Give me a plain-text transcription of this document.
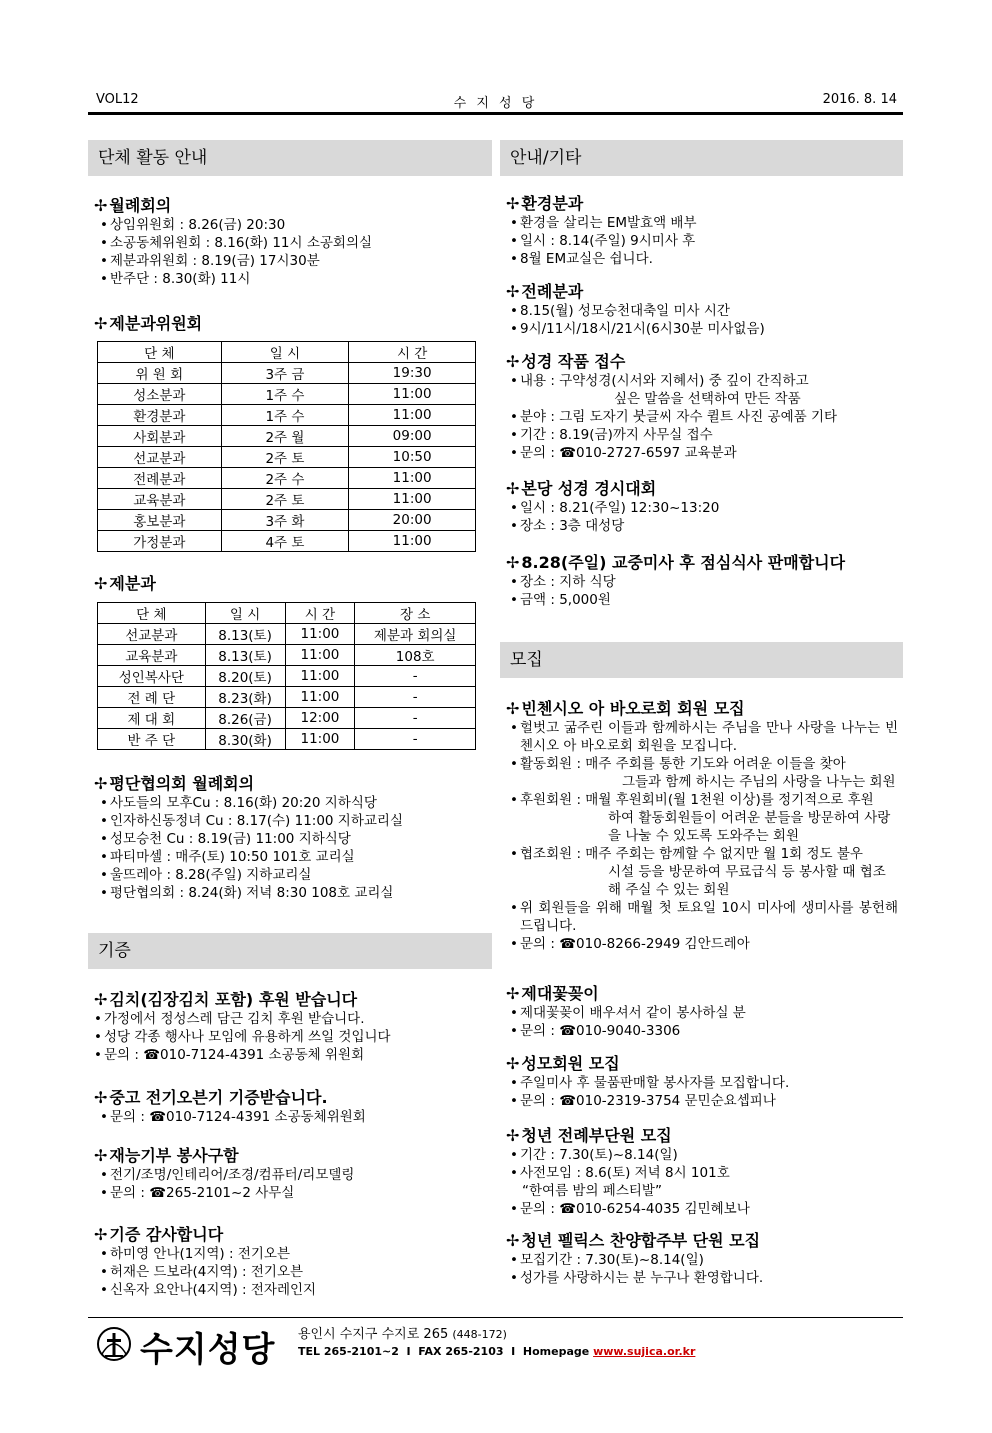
VOL12	수 지 성 당	2016. 8. 14
단체 활동 안내

✢ 월례회의

• 상임위원회 : 8.26(금) 20:30

• 소공동체위원회 : 8.16(화) 11시 소공회의실

• 제분과위원회 : 8.19(금) 17시30분

• 반주단 : 8.30(화) 11시

✢ 제분과위원회

단 체	일 시	시 간
위 원 회	3주 금	19:30
성소분과	1주 수	11:00
환경분과	1주 수	11:00
사회분과	2주 월	09:00
선교분과	2주 토	10:50
전례분과	2주 수	11:00
교육분과	2주 토	11:00
홍보분과	3주 화	20:00
가정분과	4주 토	11:00

✢ 제분과

단 체	일 시	시 간	장 소
선교분과	8.13(토)	11:00	제분과 회의실
교육분과	8.13(토)	11:00	108호
성인복사단	8.20(토)	11:00	-
전 례 단	8.23(화)	11:00	-
제 대 회	8.26(금)	12:00	-
반 주 단	8.30(화)	11:00	-

✢ 평단협의회 월례회의

• 사도들의 모후Cu : 8.16(화) 20:20 지하식당

• 인자하신동정녀 Cu : 8.17(수) 11:00 지하교리실

• 성모승천 Cu : 8.19(금) 11:00 지하식당

• 파티마셀 : 매주(토) 10:50 101호 교리실

• 울뜨레아 : 8.28(주일) 지하교리실

• 평단협의회 : 8.24(화) 저녁 8:30 108호 교리실

기증

✢ 김치(김장김치 포함) 후원 받습니다

• 가정에서 정성스레 담근 김치 후원 받습니다.

• 성당 각종 행사나 모임에 유용하게 쓰일 것입니다

• 문의 : ☎010-7124-4391 소공동체 위원회

✢ 중고 전기오븐기 기증받습니다.

• 문의 : ☎010-7124-4391 소공동체위원회

✢ 재능기부 봉사구함

• 전기/조명/인테리어/조경/컴퓨터/리모델링

• 문의 : ☎265-2101~2 사무실

✢ 기증 감사합니다

• 하미영 안나(1지역) : 전기오븐

• 허재은 드보라(4지역) : 전기오븐

• 신옥자 요안나(4지역) : 전자레인지

안내/기타

✢ 환경분과

• 환경을 살리는 EM발효액 배부

• 일시 : 8.14(주일) 9시미사 후

• 8월 EM교실은 쉽니다.

✢ 전례분과

• 8.15(월) 성모승천대축일 미사 시간

• 9시/11시/18시/21시(6시30분 미사없음)

✢ 성경 작품 접수

• 내용 : 구약성경(시서와 지혜서) 중 깊이 간직하고

싶은 말씀을 선택하여 만든 작품

• 분야 : 그림 도자기 붓글씨 자수 퀼트 사진 공예품 기타

• 기간 : 8.19(금)까지 사무실 접수

• 문의 : ☎010-2727-6597 교육분과

✢ 본당 성경 경시대회

• 일시 : 8.21(주일) 12:30~13:20

• 장소 : 3층 대성당

✢ 8.28(주일) 교중미사 후 점심식사 판매합니다

• 장소 : 지하 식당

• 금액 : 5,000원

모집

✢ 빈첸시오 아 바오로회 회원 모집

• 헐벗고 굶주린 이들과 함께하시는 주님을 만나 사랑을 나누는 빈첸시오 아 바오로회 회원을 모집니다.

• 활동회원 : 매주 주회를 통한 기도와 어려운 이들을 찾아

그들과 함께 하시는 주님의 사랑을 나누는 회원

• 후원회원 : 매월 후원회비(월 1천원 이상)를 정기적으로 후원

하여 활동회원들이 어려운 분들을 방문하여 사랑

을 나눌 수 있도록 도와주는 회원

• 협조회원 : 매주 주회는 함께할 수 없지만 월 1회 정도 불우

시설 등을 방문하여 무료급식 등 봉사할 때 협조

해 주실 수 있는 회원

• 위 회원들을 위해 매월 첫 토요일 10시 미사에 생미사를 봉헌해 드립니다.

• 문의 : ☎010-8266-2949 김안드레아

✢ 제대꽃꽂이

• 제대꽃꽂이 배우셔서 같이 봉사하실 분

• 문의 : ☎010-9040-3306

✢ 성모회원 모집

• 주일미사 후 물품판매할 봉사자를 모집합니다.

• 문의 : ☎010-2319-3754 문민순요셉피나

✢ 청년 전례부단원 모집

• 기간 : 7.30(토)~8.14(일)

• 사전모임 : 8.6(토) 저녁 8시 101호

“한여름 밤의 페스티발”

• 문의 : ☎010-6254-4035 김민혜보나

✢ 청년 펠릭스 찬양합주부 단원 모집

• 모집기간 : 7.30(토)~8.14(일)

• 성가를 사랑하시는 분 누구나 환영합니다.

수지성당 용인시 수지구 수지로 265 (448-172)
TEL 265-2101~2  I  FAX 265-2103  I  Homepage www.sujica.or.kr
